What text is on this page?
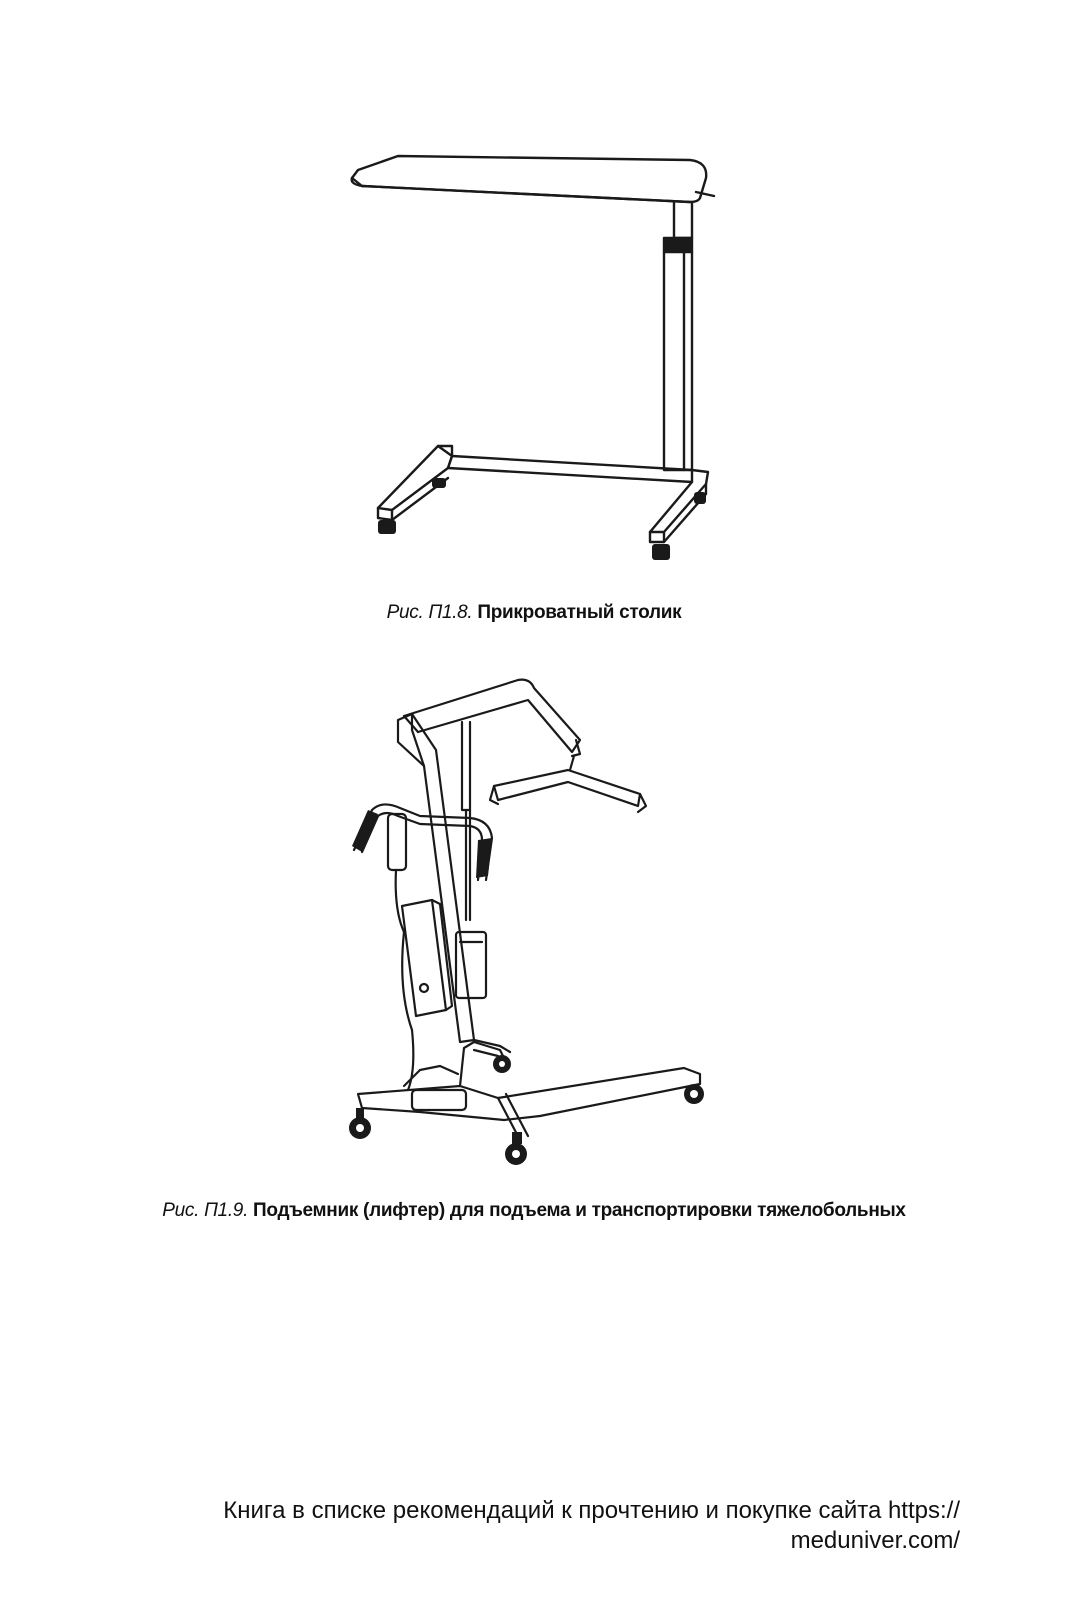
Рис. П1.8. Прикроватный столик
Рис. П1.9. Подъемник (лифтер) для подъема и транспортировки тяжелобольных
Книга в списке рекомендаций к прочтению и покупке сайта https://
meduniver.com/
